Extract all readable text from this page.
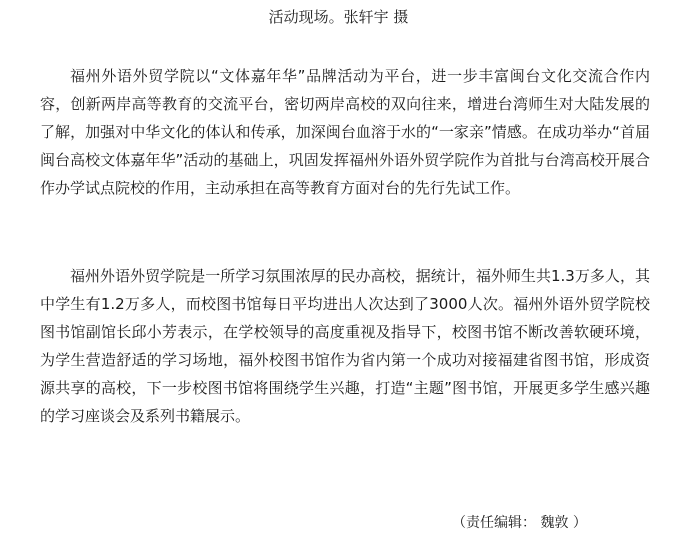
活动现场。张轩宇 摄

福州外语外贸学院以“文体嘉年华”品牌活动为平台，进一步丰富闽台文化交流合作内容，创新两岸高等教育的交流平台，密切两岸高校的双向往来，增进台湾师生对大陆发展的了解，加强对中华文化的体认和传承，加深闽台血溶于水的“一家亲”情感。在成功举办“首届闽台高校文体嘉年华”活动的基础上，巩固发挥福州外语外贸学院作为首批与台湾高校开展合作办学试点院校的作用，主动承担在高等教育方面对台的先行先试工作。

福州外语外贸学院是一所学习氛围浓厚的民办高校，据统计，福外师生共1.3万多人，其中学生有1.2万多人，而校图书馆每日平均进出人次达到了3000人次。福州外语外贸学院校图书馆副馆长邱小芳表示，在学校领导的高度重视及指导下，校图书馆不断改善软硬环境，为学生营造舒适的学习场地，福外校图书馆作为省内第一个成功对接福建省图书馆，形成资源共享的高校，下一步校图书馆将围绕学生兴趣，打造“主题”图书馆，开展更多学生感兴趣的学习座谈会及系列书籍展示。

（责任编辑： 魏敦 ）
